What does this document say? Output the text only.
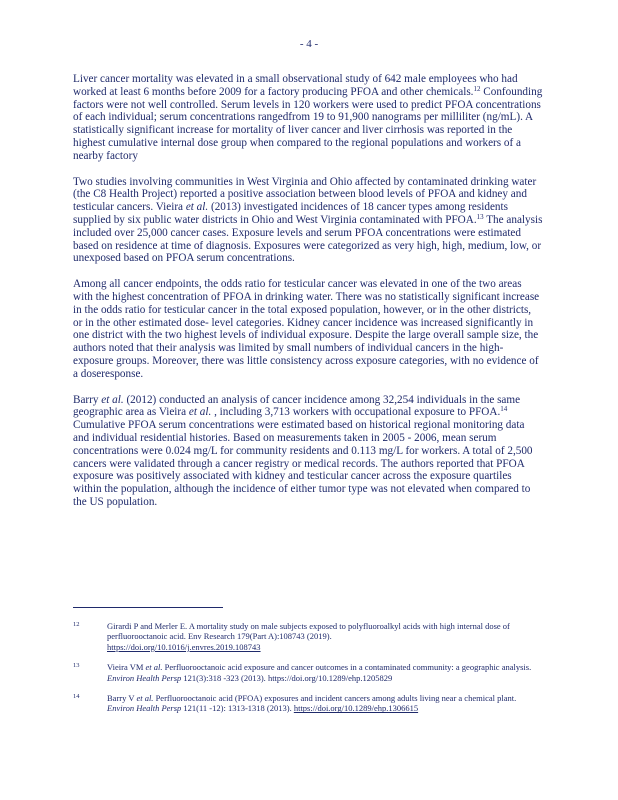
- 4 -

Liver cancer mortality was elevated in a small observational study of 642 male employees who had worked at least 6 months before 2009 for a factory producing PFOA and other chemicals.$^{12}$ Confounding factors were not well controlled. Serum levels in 120 workers were used to predict PFOA concentrations of each individual; serum concentrations rangedfrom 19 to 91,900 nanograms per milliliter (ng/mL). A statistically significant increase for mortality of liver cancer and liver cirrhosis was reported in the highest cumulative internal dose group when compared to the regional populations and workers of a nearby factory

Two studies involving communities in West Virginia and Ohio affected by contaminated drinking water (the C8 Health Project) reported a positive association between blood levels of PFOA and kidney and testicular cancers. Vieira et al. (2013) investigated incidences of 18 cancer types among residents supplied by six public water districts in Ohio and West Virginia contaminated with PFOA.$^{13}$ The analysis included over 25,000 cancer cases. Exposure levels and serum PFOA concentrations were estimated based on residence at time of diagnosis. Exposures were categorized as very high, high, medium, low, or unexposed based on PFOA serum concentrations.

Among all cancer endpoints, the odds ratio for testicular cancer was elevated in one of the two areas with the highest concentration of PFOA in drinking water. There was no statistically significant increase in the odds ratio for testicular cancer in the total exposed population, however, or in the other districts, or in the other estimated dose- level categories. Kidney cancer incidence was increased significantly in one district with the two highest levels of individual exposure. Despite the large overall sample size, the authors noted that their analysis was limited by small numbers of individual cancers in the high-exposure groups. Moreover, there was little consistency across exposure categories, with no evidence of a doseresponse.

Barry et al. (2012) conducted an analysis of cancer incidence among 32,254 individuals in the same geographic area as Vieira et al. , including 3,713 workers with occupational exposure to PFOA.$^{14}$ Cumulative PFOA serum concentrations were estimated based on historical regional monitoring data and individual residential histories. Based on measurements taken in 2005 - 2006, mean serum concentrations were 0.024 mg/L for community residents and 0.113 mg/L for workers. A total of 2,500 cancers were validated through a cancer registry or medical records. The authors reported that PFOA exposure was positively associated with kidney and testicular cancer across the exposure quartiles within the population, although the incidence of either tumor type was not elevated when compared to the US population.

12	Girardi P and Merler E. A mortality study on male subjects exposed to polyfluoroalkyl acids with high internal dose of perfluorooctanoic acid. Env Research 179(Part A):108743 (2019).
https://doi.org/10.1016/j.envres.2019.108743
13	Vieira VM et al. Perfluorooctanoic acid exposure and cancer outcomes in a contaminated community: a geographic analysis. Environ Health Persp 121(3):318 -323 (2013). https://doi.org/10.1289/ehp.1205829
14	Barry V et al. Perfluorooctanoic acid (PFOA) exposures and incident cancers among adults living near a chemical plant. Environ Health Persp 121(11 -12): 1313-1318 (2013). https://doi.org/10.1289/ehp.1306615
